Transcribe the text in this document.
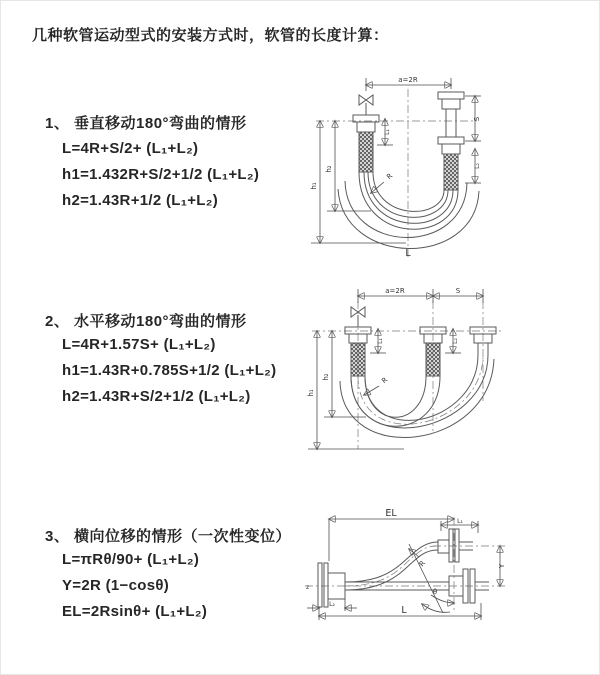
几种软管运动型式的安装方式时，软管的长度计算：
1、 垂直移动180°弯曲的情形
L=4R+S/2+ (L₁+L₂)
h1=1.432R+S/2+1/2 (L₁+L₂)
h2=1.43R+1/2 (L₁+L₂)
2、 水平移动180°弯曲的情形
L=4R+1.57S+ (L₁+L₂)
h1=1.43R+0.785S+1/2 (L₁+L₂)
h2=1.43R+S/2+1/2 (L₁+L₂)
3、 横向位移的情形（一次性变位）
L=πRθ/90+ (L₁+L₂)
Y=2R (1−cosθ)
EL=2Rsinθ+ (L₁+L₂)
a=2R
h₁
h₂
L₁
S
L₂
R
L
a=2R	S
h₁
h₂
L₁	L₂
R
EL
L₁
z
θ
R	Y
L
L₂
